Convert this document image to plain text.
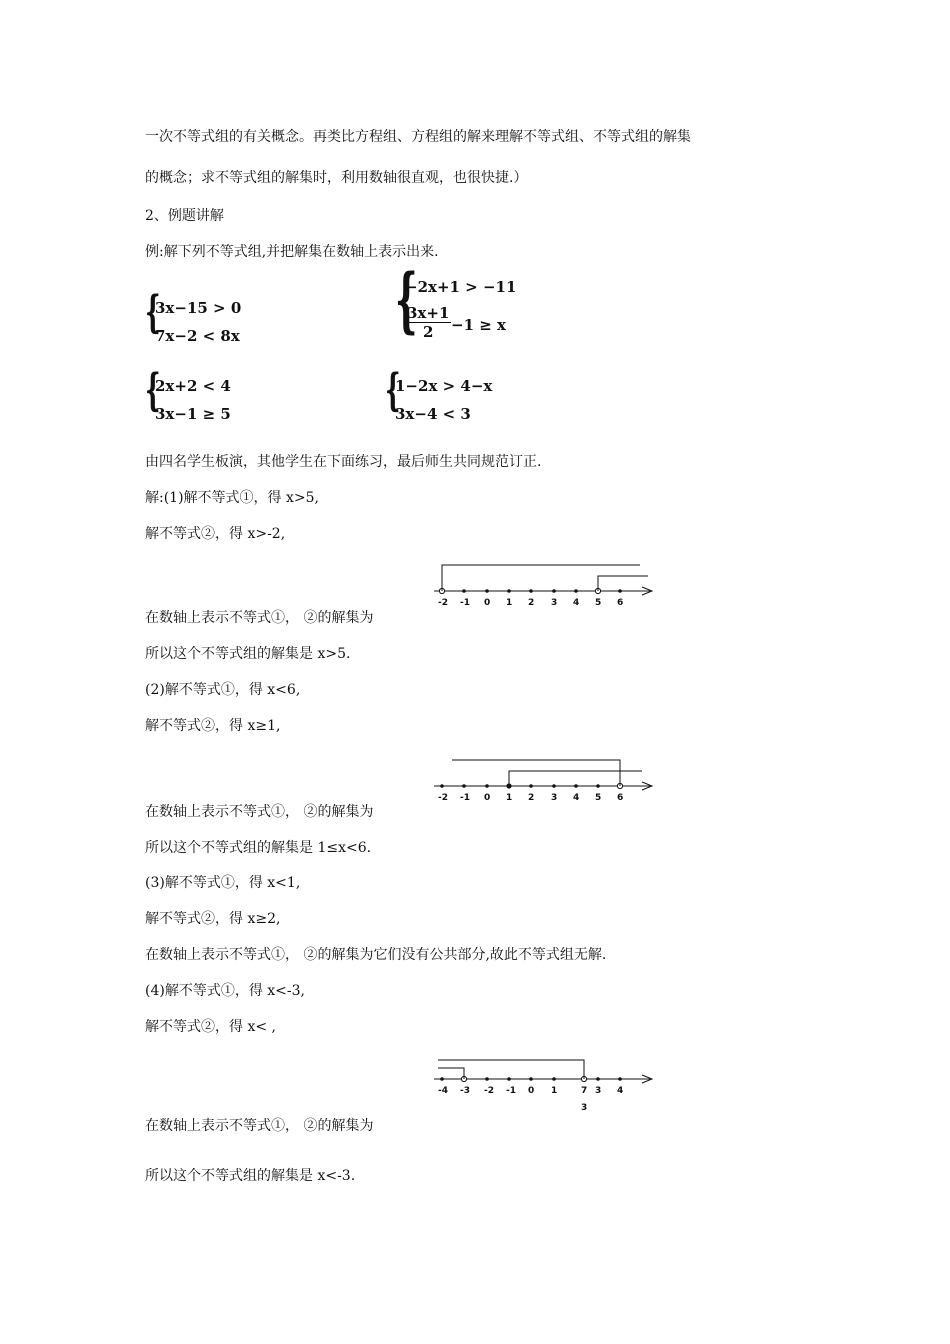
一次不等式组的有关概念。再类比方程组、方程组的解来理解不等式组、不等式组的解集
的概念；求不等式组的解集时，利用数轴很直观，也很快捷.）
2、例题讲解
例:解下列不等式组,并把解集在数轴上表示出来.
{
3x−15 > 0
7x−2 < 8x {
−2x+1 > −11
$\frac{3x+1}{2} -1 \ge x$
{
2x+2 < 4
3x−1 ≥ 5	{
1−2x > 4−x
3x−4 < 3
由四名学生板演，其他学生在下面练习，最后师生共同规范订正.
解:(1)解不等式①，得 x>5,
解不等式②，得 x>-2,
-2 -1 0 1 2 3 4 5 6
在数轴上表示不等式①， ②的解集为
所以这个不等式组的解集是 x>5.
(2)解不等式①，得 x<6,
解不等式②，得 x≥1,
-2 -1 0 1 2 3 4 5 6
在数轴上表示不等式①， ②的解集为
所以这个不等式组的解集是 1≤x<6.
(3)解不等式①，得 x<1,
解不等式②，得 x≥2,
在数轴上表示不等式①， ②的解集为它们没有公共部分,故此不等式组无解.
(4)解不等式①，得 x<-3,
解不等式②，得 x< ,
-4 -3 -2 -1 0 1	7 3 4
3
在数轴上表示不等式①， ②的解集为
所以这个不等式组的解集是 x<-3.
